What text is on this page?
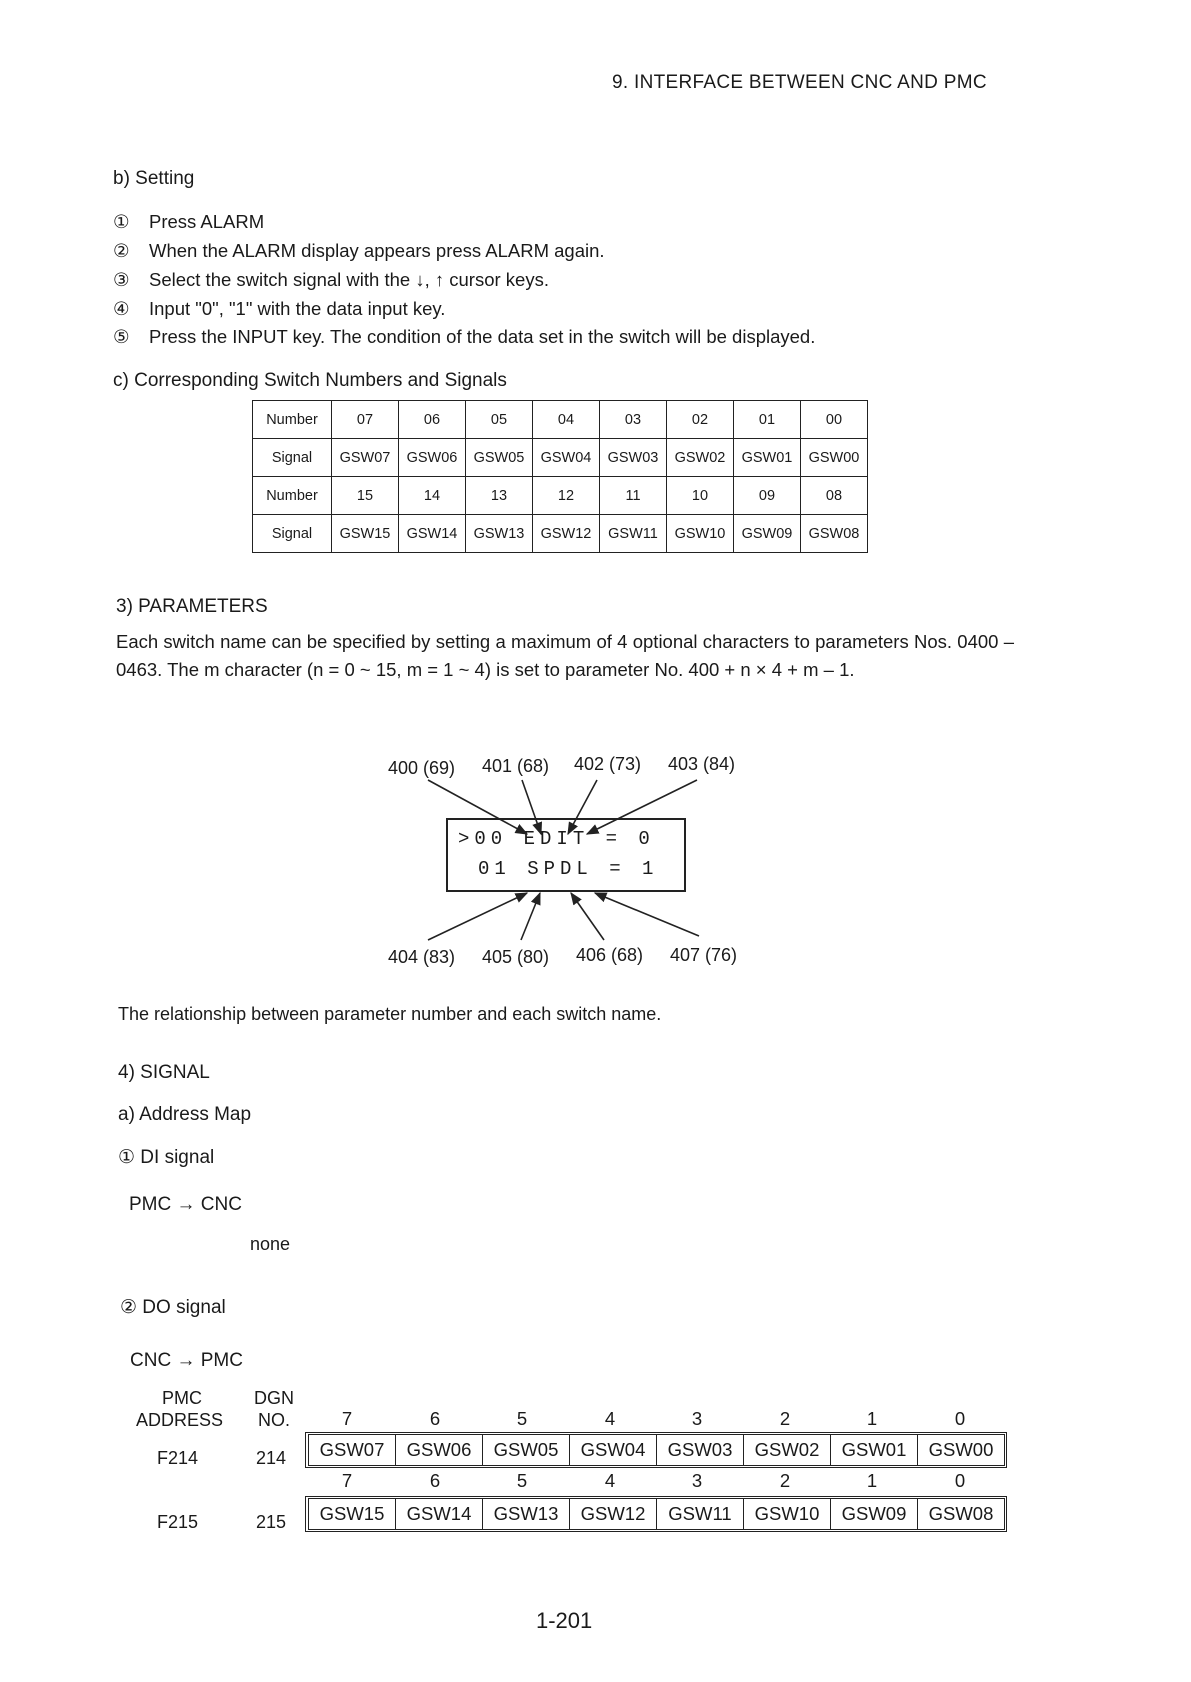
9. INTERFACE BETWEEN CNC AND PMC
b) Setting
① Press ALARM
② When the ALARM display appears press ALARM again.
③ Select the switch signal with the ↓, ↑ cursor keys.
④ Input "0", "1" with the data input key.
⑤ Press the INPUT key. The condition of the data set in the switch will be displayed.
c) Corresponding Switch Numbers and Signals
Number	07	06	05	04	03	02	01	00
Signal	GSW07	GSW06	GSW05	GSW04	GSW03	GSW02	GSW01	GSW00
Number	15	14	13	12	11	10	09	08
Signal	GSW15	GSW14	GSW13	GSW12	GSW11	GSW10	GSW09	GSW08
3) PARAMETERS
Each switch name can be specified by setting a maximum of 4 optional characters to parameters Nos. 0400 – 0463. The m character (n = 0 ~ 15, m = 1 ~ 4) is set to parameter No. 400 + n × 4 + m – 1.
400 (69) 401 (68) 402 (73) 403 (84)
>00 EDIT = 0
01 SPDL = 1
404 (83) 405 (80) 406 (68) 407 (76)
The relationship between parameter number and each switch name.
4) SIGNAL
a) Address Map
① DI signal
PMC → CNC
none
② DO signal
CNC → PMC
PMC
ADDRESS
DGN
NO.	7	6	5	4	3	2	1	0
F214	214 GSW07	GSW06	GSW05	GSW04	GSW03	GSW02	GSW01	GSW00
7	6	5	4	3	2	1	0
F215	215 GSW15	GSW14	GSW13	GSW12	GSW11	GSW10	GSW09	GSW08
1-201
